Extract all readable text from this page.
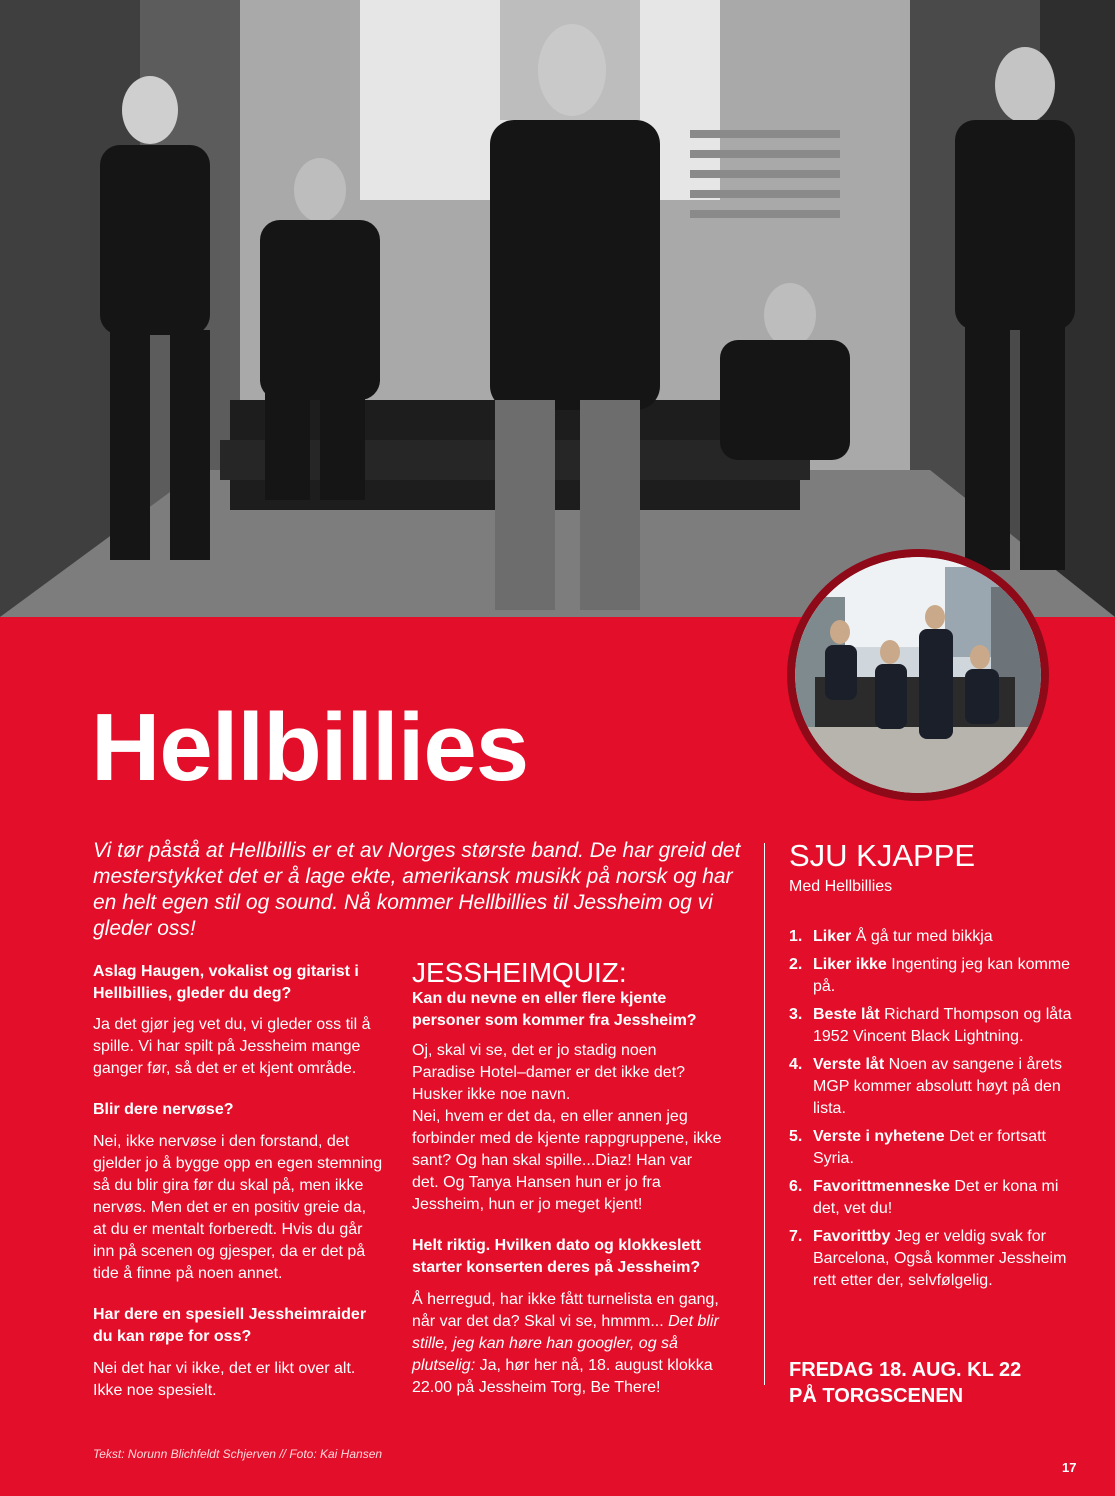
Hellbillies

Vi tør påstå at Hellbillis er et av Norges største band. De har greid det mesterstykket det er å lage ekte, amerikansk musikk på norsk og har en helt egen stil og sound. Nå kommer Hellbillies til Jessheim og vi gleder oss!

Aslag Haugen, vokalist og gitarist i Hellbillies, gleder du deg?

Ja det gjør jeg vet du, vi gleder oss til å spille. Vi har spilt på Jessheim mange ganger før, så det er et kjent område.

Blir dere nervøse?

Nei, ikke nervøse i den forstand, det gjelder jo å bygge opp en egen stemning så du blir gira før du skal på, men ikke nervøs. Men det er en positiv greie da, at du er mentalt forberedt. Hvis du går inn på scenen og gjesper, da er det på tide å finne på noen annet.

Har dere en spesiell Jessheimraider du kan røpe for oss?

Nei det har vi ikke, det er likt over alt. Ikke noe spesielt.

JESSHEIMQUIZ:
Kan du nevne en eller flere kjente personer som kommer fra Jessheim?

Oj, skal vi se, det er jo stadig noen Paradise Hotel–damer er det ikke det? Husker ikke noe navn.

Nei, hvem er det da, en eller annen jeg forbinder med de kjente rappgruppene, ikke sant? Og han skal spille...Diaz! Han var det. Og Tanya Hansen hun er jo fra Jessheim, hun er jo meget kjent!

Helt riktig. Hvilken dato og klokkeslett starter konserten deres på Jessheim?

Å herregud, har ikke fått turnelista en gang, når var det da? Skal vi se, hmmm... Det blir stille, jeg kan høre han googler, og så plutselig: Ja, hør her nå, 18. august klokka 22.00 på Jessheim Torg, Be There!

SJU KJAPPE
Med Hellbillies
1. Liker Å gå tur med bikkja
2. Liker ikke Ingenting jeg kan komme på.
3. Beste låt Richard Thompson og låta 1952 Vincent Black Lightning.
4. Verste låt Noen av sangene i årets MGP kommer absolutt høyt på den lista.
5. Verste i nyhetene Det er fortsatt Syria.
6. Favorittmenneske Det er kona mi det, vet du!
7. Favorittby Jeg er veldig svak for Barcelona, Også kommer Jessheim rett etter der, selvfølgelig.
FREDAG 18. AUG. KL 22
PÅ TORGSCENEN
Tekst: Norunn Blichfeldt Schjerven // Foto: Kai Hansen
17
